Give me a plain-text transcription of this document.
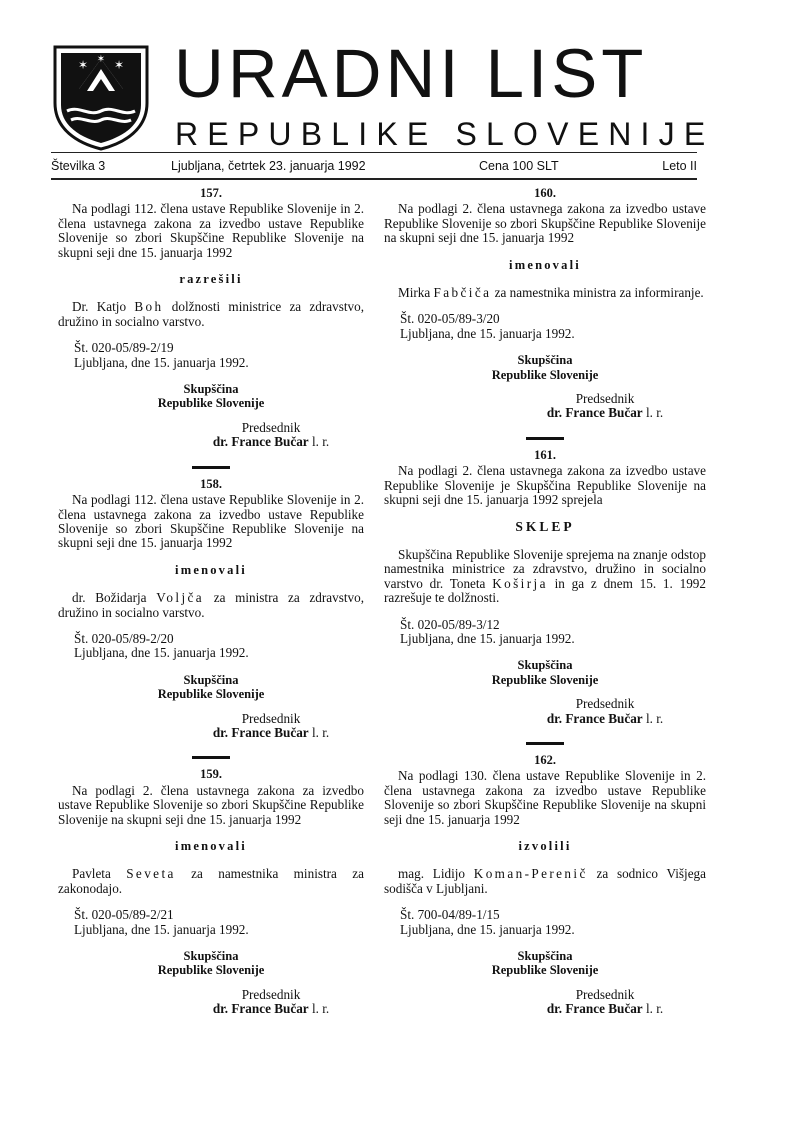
✶ ✶ ✶ URADNI LIST
REPUBLIKE SLOVENIJE
Številka 3	Ljubljana, četrtek 23. januarja 1992	Cena 100 SLT	Leto II
157.

Na podlagi 112. člena ustave Republike Slovenije in 2. člena ustavnega zakona za izvedbo ustave Republike Slovenije so zbori Skupščine Republike Slovenije na skupni seji dne 15. januarja 1992

razrešili

Dr. Katjo Boh dolžnosti ministrice za zdravstvo, družino in socialno varstvo.

Št. 020-05/89-2/19
Ljubljana, dne 15. januarja 1992.
Skupščina
Republike Slovenije
Predsednik
dr. France Bučar l. r.
158.

Na podlagi 112. člena ustave Republike Slovenije in 2. člena ustavnega zakona za izvedbo ustave Republike Slovenije so zbori Skupščine Republike Slovenije na skupni seji dne 15. januarja 1992

imenovali

dr. Božidarja Voljča za ministra za zdravstvo, družino in socialno varstvo.

Št. 020-05/89-2/20
Ljubljana, dne 15. januarja 1992.
Skupščina
Republike Slovenije
Predsednik
dr. France Bučar l. r.
159.

Na podlagi 2. člena ustavnega zakona za izvedbo ustave Republike Slovenije so zbori Skupščine Republike Slovenije na skupni seji dne 15. januarja 1992

imenovali

Pavleta Seveta za namestnika ministra za zakonodajo.

Št. 020-05/89-2/21
Ljubljana, dne 15. januarja 1992.
Skupščina
Republike Slovenije
Predsednik
dr. France Bučar l. r.
160.

Na podlagi 2. člena ustavnega zakona za izvedbo ustave Republike Slovenije so zbori Skupščine Republike Slovenije na skupni seji dne 15. januarja 1992

imenovali

Mirka Fabčiča za namestnika ministra za informiranje.

Št. 020-05/89-3/20
Ljubljana, dne 15. januarja 1992.
Skupščina
Republike Slovenije
Predsednik
dr. France Bučar l. r.
161.

Na podlagi 2. člena ustavnega zakona za izvedbo ustave Republike Slovenije je Skupščina Republike Slovenije na skupni seji dne 15. januarja 1992 sprejela

SKLEP

Skupščina Republike Slovenije sprejema na znanje odstop namestnika ministrice za zdravstvo, družino in socialno varstvo dr. Toneta Koširja in ga z dnem 15. 1. 1992 razrešuje te dolžnosti.

Št. 020-05/89-3/12
Ljubljana, dne 15. januarja 1992.
Skupščina
Republike Slovenije
Predsednik
dr. France Bučar l. r.
162.

Na podlagi 130. člena ustave Republike Slovenije in 2. člena ustavnega zakona za izvedbo ustave Republike Slovenije so zbori Skupščine Republike Slovenije na skupni seji dne 15. januarja 1992

izvolili

mag. Lidijo Koman-Perenič za sodnico Višjega sodišča v Ljubljani.

Št. 700-04/89-1/15
Ljubljana, dne 15. januarja 1992.
Skupščina
Republike Slovenije
Predsednik
dr. France Bučar l. r.
